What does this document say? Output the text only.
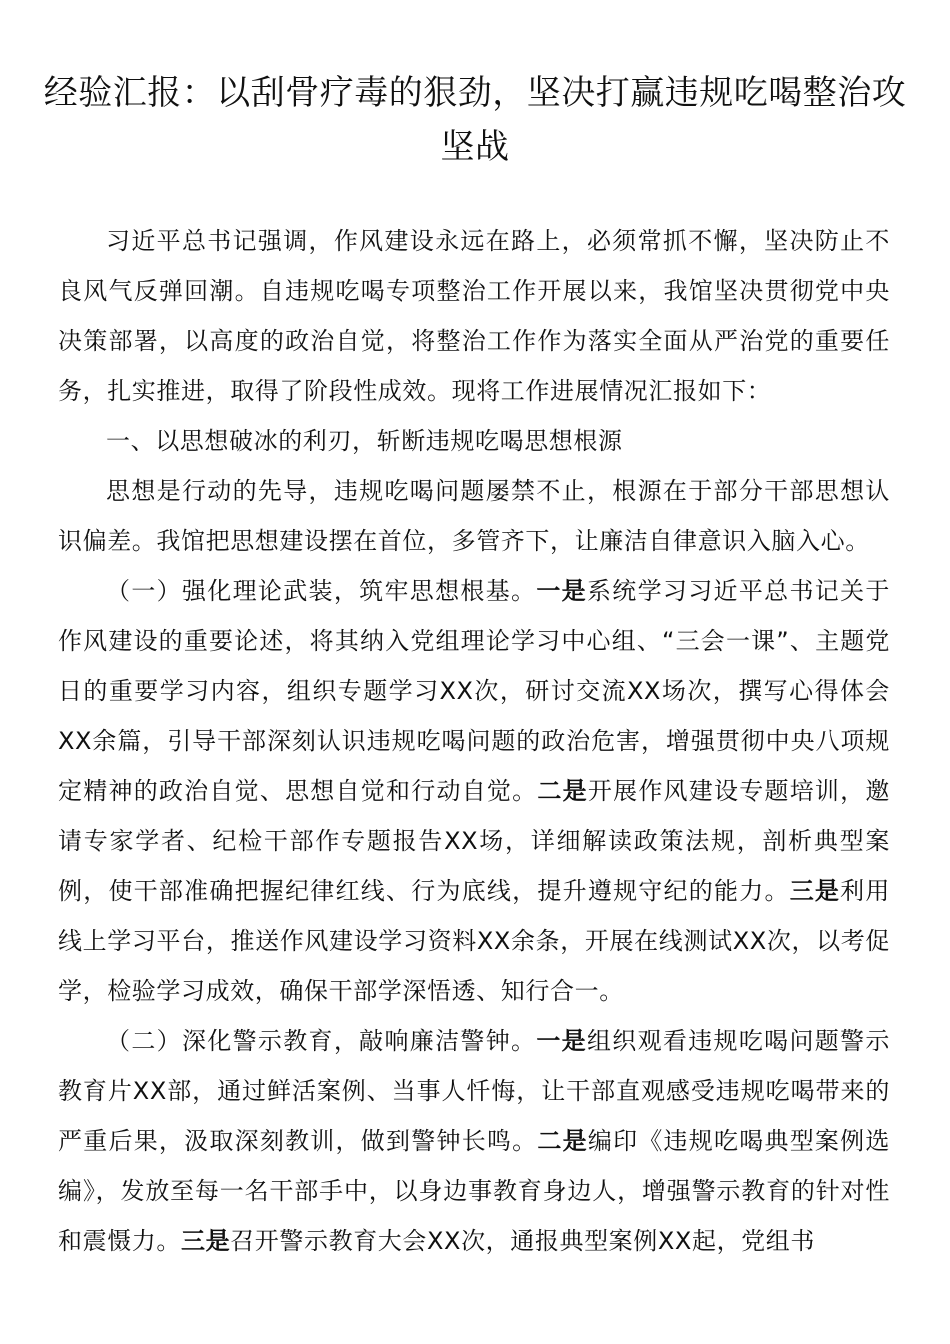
经验汇报：以刮骨疗毒的狠劲，坚决打赢违规吃喝整治攻坚战

习近平总书记强调，作风建设永远在路上，必须常抓不懈，坚决防止不良风气反弹回潮。自违规吃喝专项整治工作开展以来，我馆坚决贯彻党中央决策部署，以高度的政治自觉，将整治工作作为落实全面从严治党的重要任务，扎实推进，取得了阶段性成效。现将工作进展情况汇报如下：

一、以思想破冰的利刃，斩断违规吃喝思想根源

思想是行动的先导，违规吃喝问题屡禁不止，根源在于部分干部思想认识偏差。我馆把思想建设摆在首位，多管齐下，让廉洁自律意识入脑入心。

（一）强化理论武装，筑牢思想根基。一是系统学习习近平总书记关于作风建设的重要论述，将其纳入党组理论学习中心组、“三会一课”、主题党日的重要学习内容，组织专题学习XX次，研讨交流XX场次，撰写心得体会XX余篇，引导干部深刻认识违规吃喝问题的政治危害，增强贯彻中央八项规定精神的政治自觉、思想自觉和行动自觉。二是开展作风建设专题培训，邀请专家学者、纪检干部作专题报告XX场，详细解读政策法规，剖析典型案例，使干部准确把握纪律红线、行为底线，提升遵规守纪的能力。三是利用线上学习平台，推送作风建设学习资料XX余条，开展在线测试XX次，以考促学，检验学习成效，确保干部学深悟透、知行合一。

（二）深化警示教育，敲响廉洁警钟。一是组织观看违规吃喝问题警示教育片XX部，通过鲜活案例、当事人忏悔，让干部直观感受违规吃喝带来的严重后果，汲取深刻教训，做到警钟长鸣。二是编印《违规吃喝典型案例选编》，发放至每一名干部手中，以身边事教育身边人，增强警示教育的针对性和震慑力。三是召开警示教育大会XX次，通报典型案例XX起，党组书
